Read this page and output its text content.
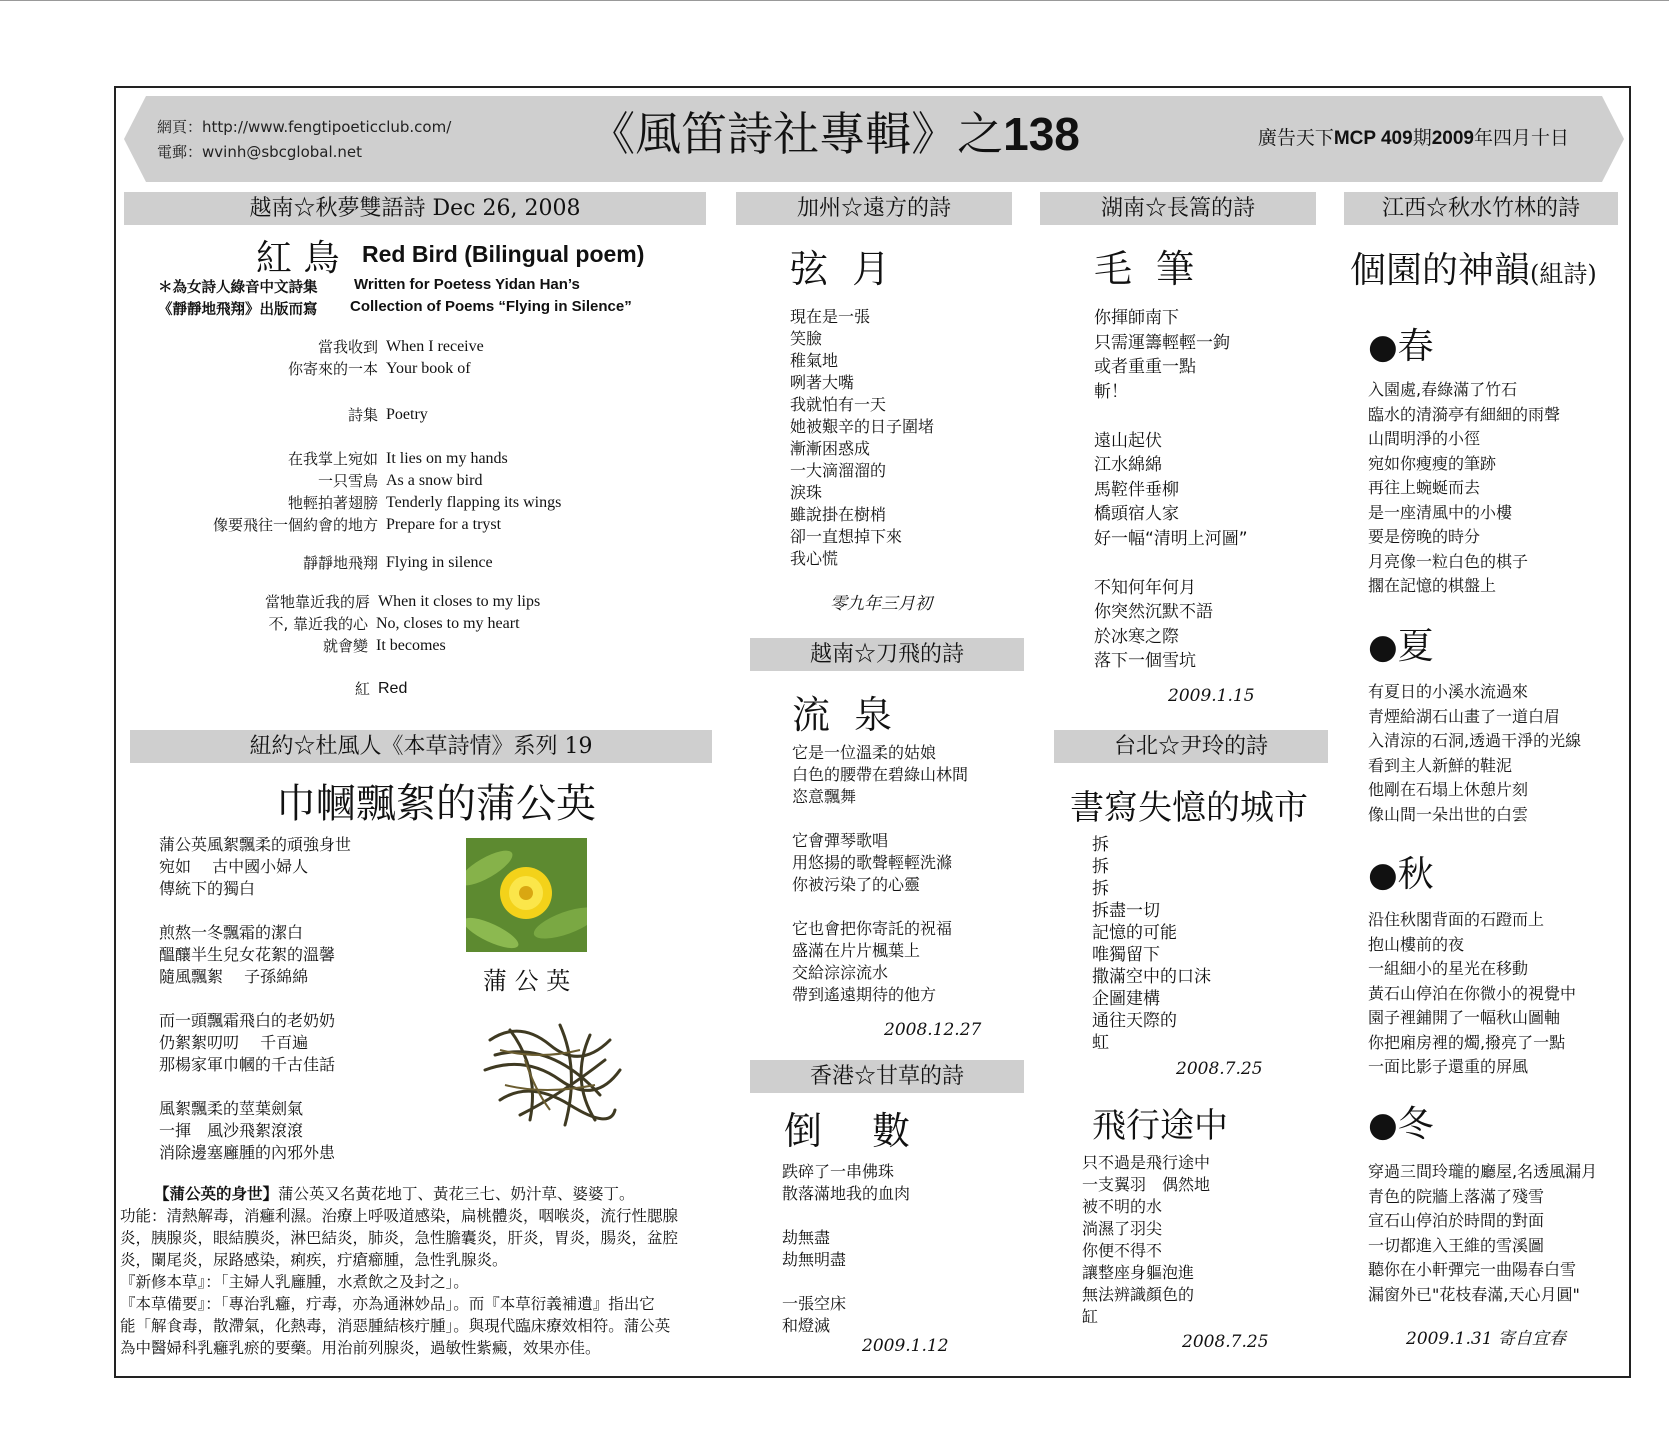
網頁：http://www.fengtipoeticclub.com/
電郵：wvinh@sbcglobal.net	《風笛詩社專輯》之138	廣告天下MCP 409期2009年四月十日
越南☆秋夢雙語詩 Dec 26, 2008
紅 鳥 Red Bird (Bilingual poem)
＊為女詩人綠音中文詩集 Written for Poetess Yidan Han’s
《靜靜地飛翔》出版而寫 Collection of Poems “Flying in Silence”
當我收到 When I receive
你寄來的一本 Your book of
詩集 Poetry
在我掌上宛如 It lies on my hands
一只雪鳥 As a snow bird
牠輕拍著翅膀 Tenderly flapping its wings
像要飛往一個約會的地方 Prepare for a tryst
靜靜地飛翔 Flying in silence
當牠靠近我的唇 When it closes to my lips
不, 靠近我的心 No, closes to my heart
就會變 It becomes
紅 Red
紐約☆杜風人《本草詩情》系列 19
巾幗飄絮的蒲公英
蒲公英風絮飄柔的頑強身世
宛如　 古中國小婦人
傳統下的獨白

煎熬一冬飄霜的潔白
醞釀半生兒女花絮的溫馨
隨風飄絮　 子孫綿綿

而一頭飄霜飛白的老奶奶
仍絮絮叨叨　 千百遍
那楊家軍巾幗的千古佳話

風絮飄柔的莖葉劍氣
一揮　風沙飛絮滾滾
消除邊塞廱腫的內邪外患
蒲 公 英
【蒲公英的身世】蒲公英又名黃花地丁、黃花三七、奶汁草、婆婆丁。
功能：清熱解毒，消癰利濕。治療上呼吸道感染，扁桃體炎，咽喉炎，流行性腮腺
炎，胰腺炎，眼結膜炎，淋巴結炎，肺炎，急性膽囊炎，肝炎，胃炎，腸炎，盆腔
炎，闌尾炎，尿路感染，痢疾，疔瘡癤腫，急性乳腺炎。
『新修本草』：「主婦人乳廱腫，水煮飲之及封之」。
『本草備要』：「專治乳癰，疔毒，亦為通淋妙品」。而『本草衍義補遺』指出它
能「解食毒，散滯氣，化熱毒，消惡腫結核疔腫」。與現代臨床療效相符。蒲公英
為中醫婦科乳癰乳瘀的要藥。用治前列腺炎，過敏性紫癜，效果亦佳。
加州☆遠方的詩
弦 月
現在是一張
笑臉
稚氣地
咧著大嘴
我就怕有一天
她被艱辛的日子圍堵
漸漸困惑成
一大滴溜溜的
淚珠
雖說掛在樹梢
卻一直想掉下來
我心慌
零九年三月初
越南☆刀飛的詩
流 泉
它是一位溫柔的姑娘
白色的腰帶在碧綠山林間
恣意飄舞

它會彈琴歌唱
用悠揚的歌聲輕輕洗滌
你被污染了的心靈

它也會把你寄託的祝福
盛滿在片片楓葉上
交給淙淙流水
帶到遙遠期待的他方
2008.12.27
香港☆甘草的詩
倒　數
跌碎了一串佛珠
散落滿地我的血肉

劫無盡
劫無明盡

一張空床
和燈滅
2009.1.12
湖南☆長篙的詩
毛 筆
你揮師南下
只需運籌輕輕一鉤
或者重重一點
斬！

遠山起伏
江水綿綿
馬鞚伴垂柳
橋頭宿人家
好一幅“清明上河圖”

不知何年何月
你突然沉默不語
於冰寒之際
落下一個雪坑
2009.1.15
台北☆尹玲的詩
書寫失憶的城市
拆
拆
拆
拆盡一切
記憶的可能
唯獨留下
撒滿空中的口沫
企圖建構
通往天際的
虹
2008.7.25
飛行途中
只不過是飛行途中
一支翼羽　偶然地
被不明的水
淌濕了羽尖
你便不得不
讓整座身軀泡進
無法辨識顏色的
缸
2008.7.25
江西☆秋水竹林的詩
個園的神韻(組詩)
●春
入園處,春綠滿了竹石
臨水的清漪亭有細細的雨聲
山間明淨的小徑
宛如你瘦瘦的筆跡
再往上蜿蜒而去
是一座清風中的小樓
要是傍晚的時分
月亮像一粒白色的棋子
擱在記憶的棋盤上
●夏
有夏日的小溪水流過來
青煙給湖石山畫了一道白眉
入清涼的石洞,透過干淨的光線
看到主人新鮮的鞋泥
他剛在石塌上休憩片刻
像山間一朵出世的白雲
●秋
沿住秋閣背面的石蹬而上
抱山樓前的夜
一組細小的星光在移動
黃石山停泊在你微小的視覺中
園子裡鋪開了一幅秋山圖軸
你把廂房裡的燭,撥亮了一點
一面比影子還重的屏風
●冬
穿過三間玲瓏的廳屋,名透風漏月
青色的院牆上落滿了殘雪
宣石山停泊於時間的對面
一切都進入王維的雪溪圖
聽你在小軒彈完一曲陽春白雪
漏窗外已"花枝春滿,天心月圓"
2009.1.31 寄自宜春
